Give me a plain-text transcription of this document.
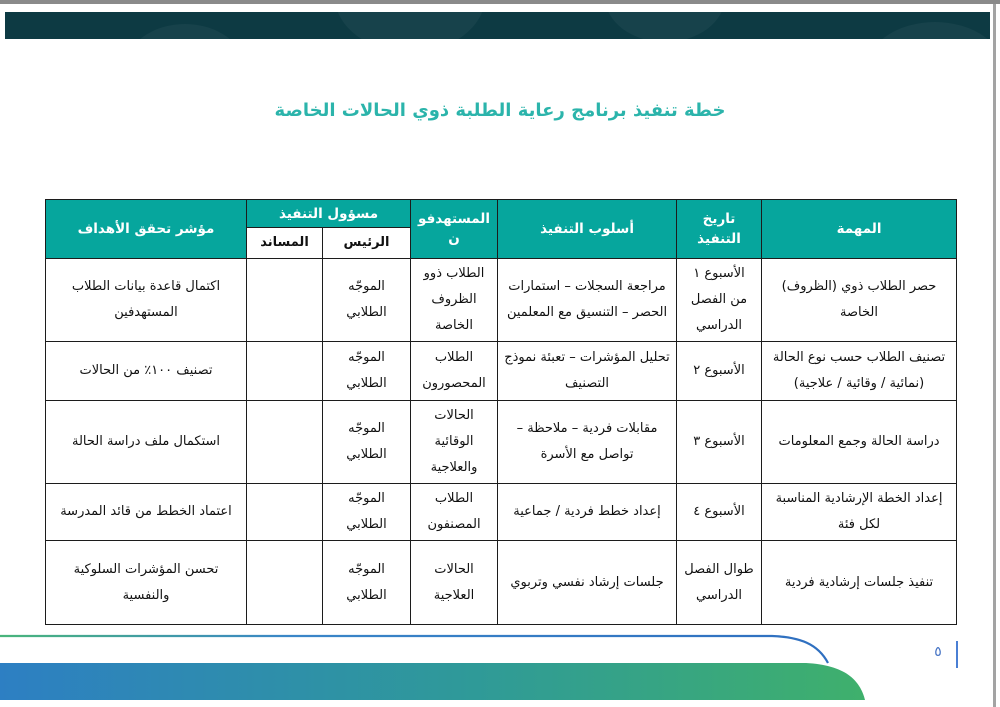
خطة تنفيذ برنامج رعاية الطلبة ذوي الحالات الخاصة
المهمة	تاريخ التنفيذ	أسلوب التنفيذ	المستهدفون	مسؤول التنفيذ		مؤشر تحقق الأهداف
				الرئيس	المساند	
حصر الطلاب ذوي (الظروف) الخاصة	الأسبوع ١ من الفصل الدراسي	مراجعة السجلات – استمارات الحصر – التنسيق مع المعلمين	الطلاب ذوو الظروف الخاصة	الموجّه الطلابي		اكتمال قاعدة بيانات الطلاب المستهدفين
تصنيف الطلاب حسب نوع الحالة (نمائية / وقائية / علاجية)	الأسبوع ٢	تحليل المؤشرات – تعبئة نموذج التصنيف	الطلاب المحصورون	الموجّه الطلابي		تصنيف ١٠٠٪ من الحالات
دراسة الحالة وجمع المعلومات	الأسبوع ٣	مقابلات فردية – ملاحظة – تواصل مع الأسرة	الحالات الوقائية والعلاجية	الموجّه الطلابي		استكمال ملف دراسة الحالة
إعداد الخطة الإرشادية المناسبة لكل فئة	الأسبوع ٤	إعداد خطط فردية / جماعية	الطلاب المصنفون	الموجّه الطلابي		اعتماد الخطط من قائد المدرسة
تنفيذ جلسات إرشادية فردية	طوال الفصل الدراسي	جلسات إرشاد نفسي وتربوي	الحالات العلاجية	الموجّه الطلابي		تحسن المؤشرات السلوكية والنفسية
٥
